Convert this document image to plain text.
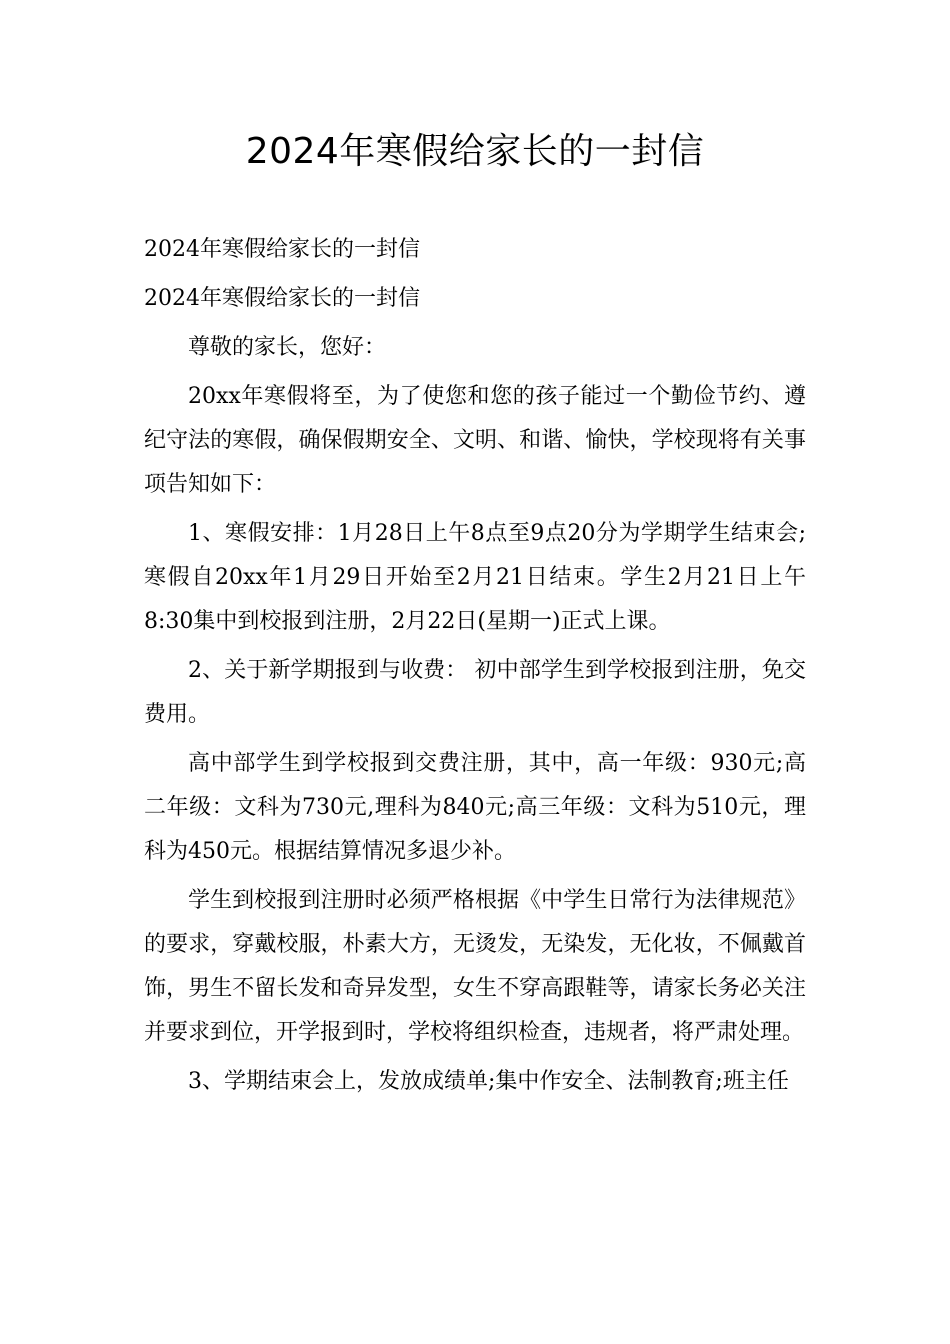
2024年寒假给家长的一封信

2024年寒假给家长的一封信

2024年寒假给家长的一封信

尊敬的家长，您好：

20xx年寒假将至，为了使您和您的孩子能过一个勤俭节约、遵纪守法的寒假，确保假期安全、文明、和谐、愉快，学校现将有关事项告知如下：

1、寒假安排：1月28日上午8点至9点20分为学期学生结束会;寒假自20xx年1月29日开始至2月21日结束。学生2月21日上午8:30集中到校报到注册，2月22日(星期一)正式上课。

2、关于新学期报到与收费： 初中部学生到学校报到注册，免交费用。

高中部学生到学校报到交费注册，其中，高一年级：930元;高二年级：文科为730元,理科为840元;高三年级：文科为510元，理科为450元。根据结算情况多退少补。

学生到校报到注册时必须严格根据《中学生日常行为法律规范》的要求，穿戴校服，朴素大方，无烫发，无染发，无化妆，不佩戴首饰，男生不留长发和奇异发型，女生不穿高跟鞋等，请家长务必关注并要求到位，开学报到时，学校将组织检查，违规者，将严肃处理。

3、学期结束会上，发放成绩单;集中作安全、法制教育;班主任
